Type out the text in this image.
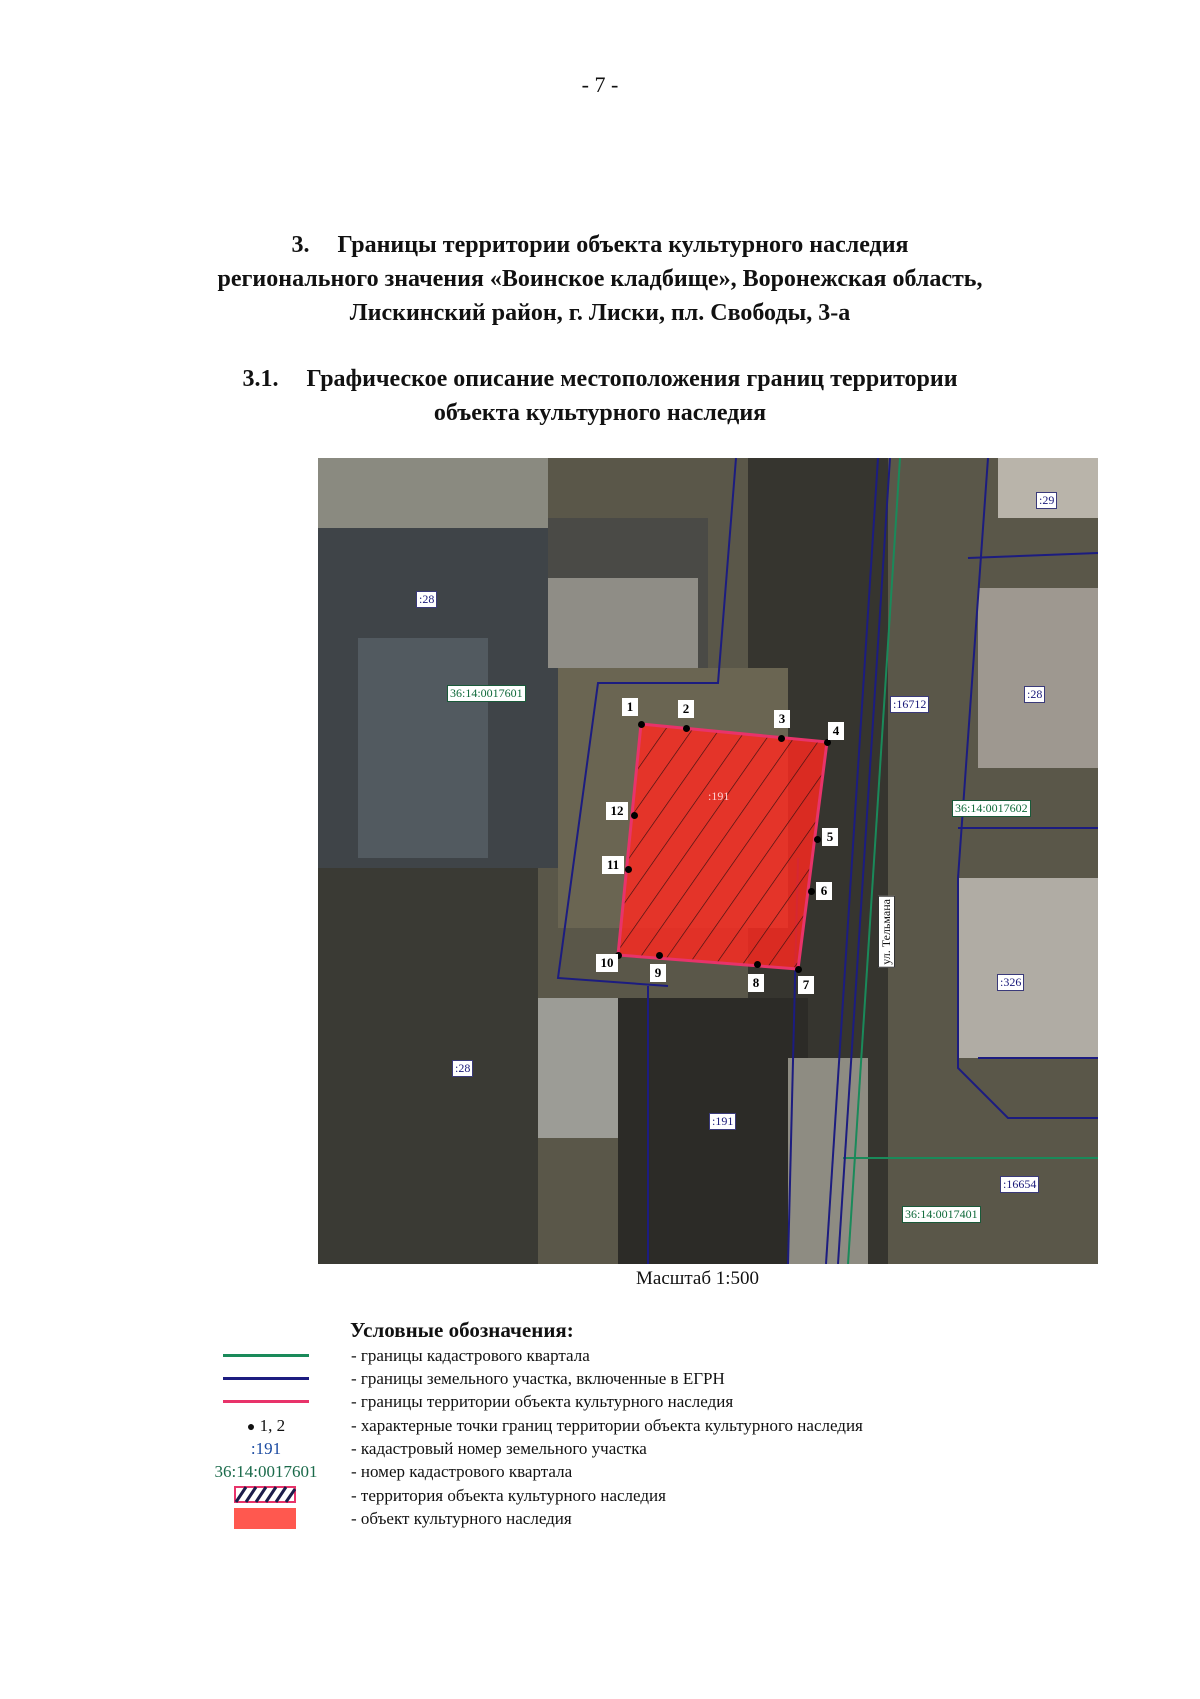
- 7 -
3. Границы территории объекта культурного наследия
регионального значения «Воинское кладбище», Воронежская область,
Лискинский район, г. Лиски, пл. Свободы, 3-а
3.1. Графическое описание местоположения границ территории
объекта культурного наследия
:28
:29
:28
:16712
:326
:28
:191
:16654
:191
36:14:0017601
36:14:0017602
36:14:0017401
ул. Тельмана
1	2
3
4
5
6
7
8
9
10
11
12
Масштаб 1:500
Условные обозначения:
- границы кадастрового квартала
- границы земельного участка, включенные в ЕГРН
- границы территории объекта культурного наследия
● 1, 2	- характерные точки границ территории объекта культурного наследия
:191	- кадастровый номер земельного участка
36:14:0017601	- номер кадастрового квартала
- территория объекта культурного наследия
- объект культурного наследия
